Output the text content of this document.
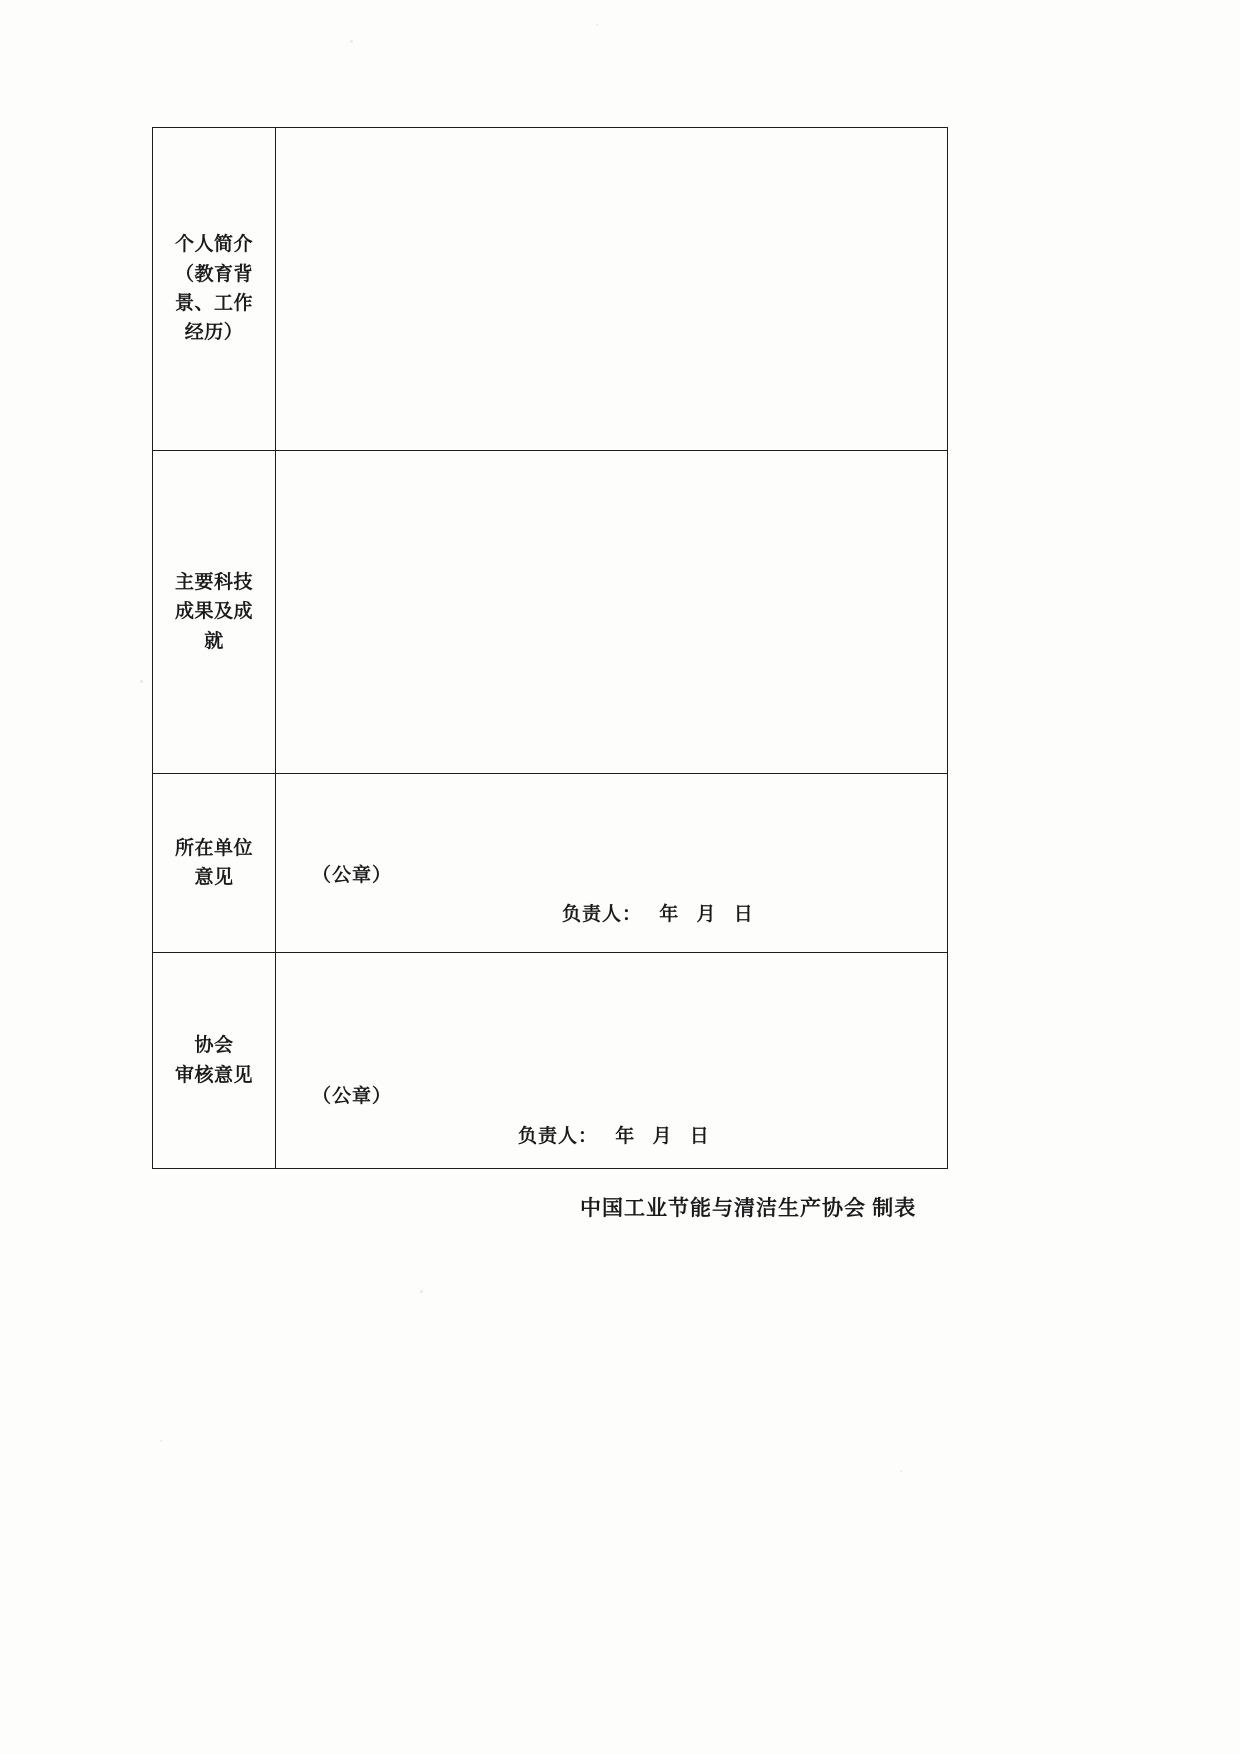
个人简介
（教育背
景、工作
经历）	

主要科技
成果及成
就	

所在单位
意见	（公章）
负责人：   年   月   日

协会
审核意见	（公章）
负责人：   年   月   日
中国工业节能与清洁生产协会 制表
